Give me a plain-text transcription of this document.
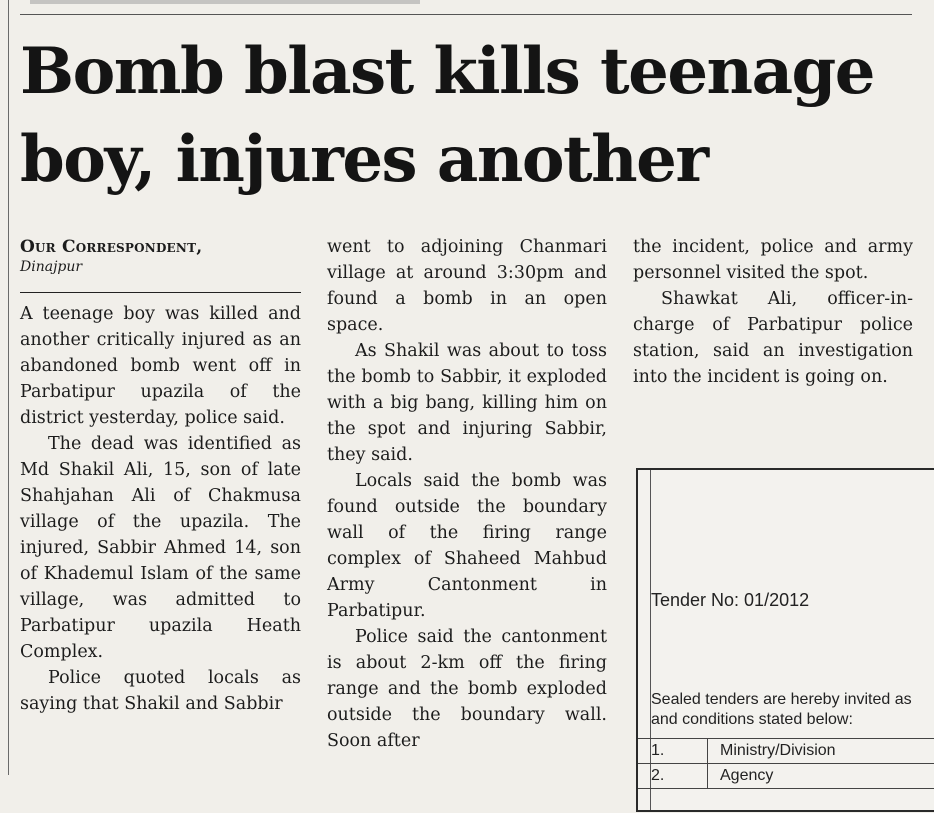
Bomb blast kills teenage
boy, injures another
Our Correspondent,
Dinajpur

A teenage boy was killed and another critically injured as an abandoned bomb went off in Parbatipur upazila of the district yesterday, police said.

The dead was identified as Md Shakil Ali, 15, son of late Shahjahan Ali of Chakmusa village of the upazila. The injured, Sabbir Ahmed 14, son of Khademul Islam of the same village, was admitted to Parbatipur upazila Heath Complex.

Police quoted locals as saying that Shakil and Sabbir

went to adjoining Chanmari village at around 3:30pm and found a bomb in an open space.

As Shakil was about to toss the bomb to Sabbir, it exploded with a big bang, killing him on the spot and injuring Sabbir, they said.

Locals said the bomb was found outside the boundary wall of the firing range complex of Shaheed Mahbud Army Cantonment in Parbatipur.

Police said the cantonment is about 2-km off the firing range and the bomb exploded outside the boundary wall. Soon after

the incident, police and army personnel visited the spot.

Shawkat Ali, officer-in-charge of Parbatipur police station, said an investigation into the incident is going on.

Tender No: 01/2012
Sealed tenders are hereby invited as
and conditions stated below:
1.	Ministry/Division
2.	Agency
